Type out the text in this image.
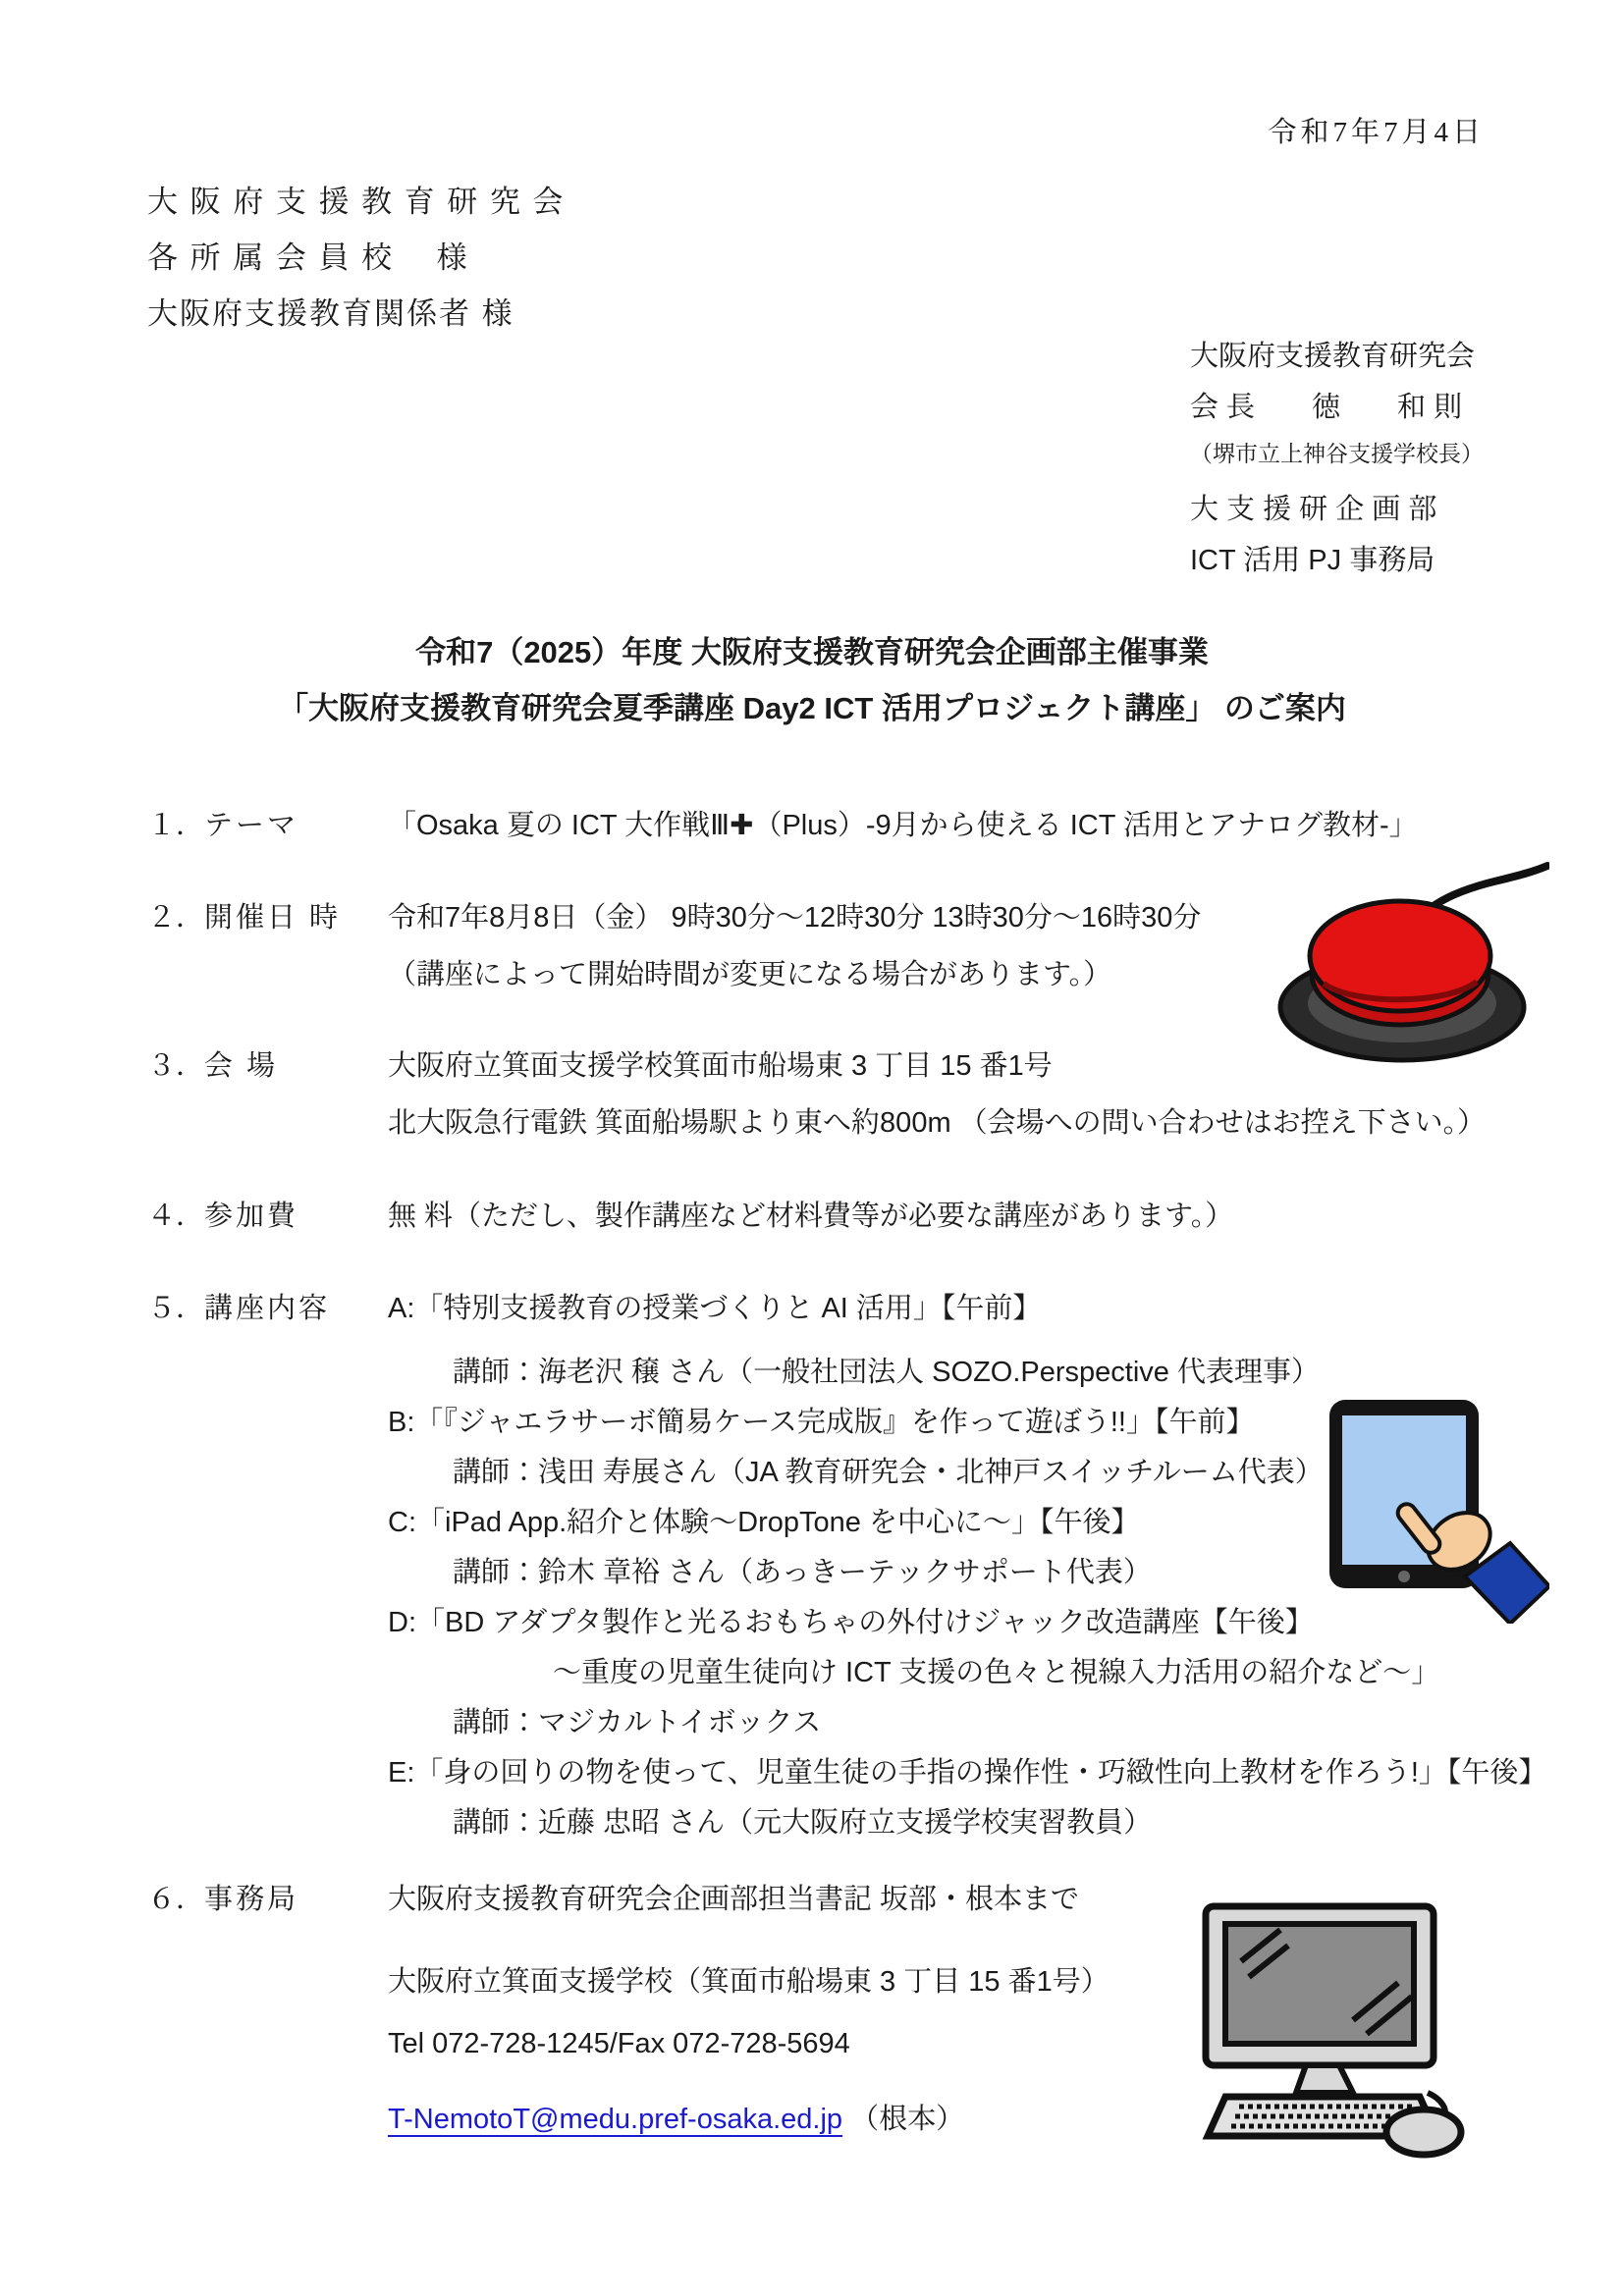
令和7年7月4日
大 阪 府 支 援 教 育 研 究 会
各 所 属 会 員 校　 様
大阪府支援教育関係者 様
大阪府支援教育研究会
会 長　　徳　　和 則
（堺市立上神谷支援学校長）
大 支 援 研 企 画 部
ICT 活用 PJ 事務局
令和7（2025）年度 大阪府支援教育研究会企画部主催事業
「大阪府支援教育研究会夏季講座 Day2 ICT 活用プロジェクト講座」 のご案内
１．テーマ	「Osaka 夏の ICT 大作戦Ⅲ✚（Plus）-9月から使える ICT 活用とアナログ教材-」
２．開催日 時	令和7年8月8日（金） 9時30分～12時30分 13時30分～16時30分
（講座によって開始時間が変更になる場合があります。）
３．会 場	大阪府立箕面支援学校箕面市船場東 3 丁目 15 番1号
北大阪急行電鉄 箕面船場駅より東へ約800m （会場への問い合わせはお控え下さい。）
４．参加費	無 料（ただし、製作講座など材料費等が必要な講座があります。）
５．講座内容	A:「特別支援教育の授業づくりと AI 活用」【午前】
講師：海老沢 穣 さん（一般社団法人 SOZO.Perspective 代表理事）
B:「『ジャエラサーボ簡易ケース完成版』を作って遊ぼう!!」【午前】
講師：浅田 寿展さん（JA 教育研究会・北神戸スイッチルーム代表）
C:「iPad App.紹介と体験～DropTone を中心に～」【午後】
講師：鈴木 章裕 さん（あっきーテックサポート代表）
D:「BD アダプタ製作と光るおもちゃの外付けジャック改造講座【午後】
～重度の児童生徒向け ICT 支援の色々と視線入力活用の紹介など～」
講師：マジカルトイボックス
E:「身の回りの物を使って、児童生徒の手指の操作性・巧緻性向上教材を作ろう!」【午後】
講師：近藤 忠昭 さん（元大阪府立支援学校実習教員）
６．事務局	大阪府支援教育研究会企画部担当書記 坂部・根本まで
大阪府立箕面支援学校（箕面市船場東 3 丁目 15 番1号）
Tel 072-728-1245/Fax 072-728-5694
T-NemotoT@medu.pref-osaka.ed.jp （根本）
